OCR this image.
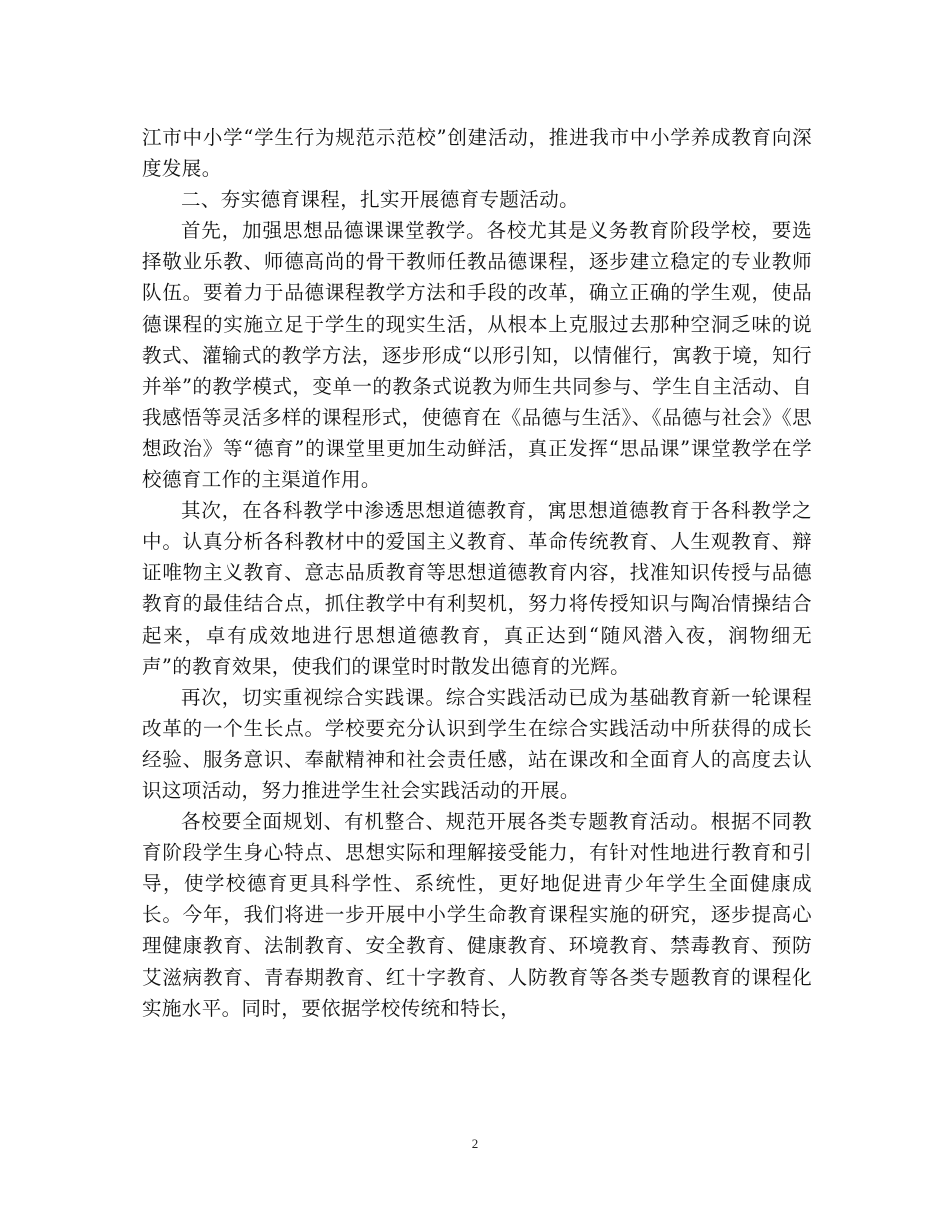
江市中小学“学生行为规范示范校”创建活动，推进我市中小学养成教育向深度发展。

二、夯实德育课程，扎实开展德育专题活动。

首先，加强思想品德课课堂教学。各校尤其是义务教育阶段学校，要选择敬业乐教、师德高尚的骨干教师任教品德课程，逐步建立稳定的专业教师队伍。要着力于品德课程教学方法和手段的改革，确立正确的学生观，使品德课程的实施立足于学生的现实生活，从根本上克服过去那种空洞乏味的说教式、灌输式的教学方法，逐步形成“以形引知，以情催行，寓教于境，知行并举”的教学模式，变单一的教条式说教为师生共同参与、学生自主活动、自我感悟等灵活多样的课程形式，使德育在《品德与生活》、《品德与社会》《思想政治》等“德育”的课堂里更加生动鲜活，真正发挥“思品课”课堂教学在学校德育工作的主渠道作用。

其次，在各科教学中渗透思想道德教育，寓思想道德教育于各科教学之中。认真分析各科教材中的爱国主义教育、革命传统教育、人生观教育、辩证唯物主义教育、意志品质教育等思想道德教育内容，找准知识传授与品德教育的最佳结合点，抓住教学中有利契机，努力将传授知识与陶冶情操结合起来，卓有成效地进行思想道德教育，真正达到“随风潜入夜，润物细无声”的教育效果，使我们的课堂时时散发出德育的光辉。

再次，切实重视综合实践课。综合实践活动已成为基础教育新一轮课程改革的一个生长点。学校要充分认识到学生在综合实践活动中所获得的成长经验、服务意识、奉献精神和社会责任感，站在课改和全面育人的高度去认识这项活动，努力推进学生社会实践活动的开展。

各校要全面规划、有机整合、规范开展各类专题教育活动。根据不同教育阶段学生身心特点、思想实际和理解接受能力，有针对性地进行教育和引导，使学校德育更具科学性、系统性，更好地促进青少年学生全面健康成长。今年，我们将进一步开展中小学生命教育课程实施的研究，逐步提高心理健康教育、法制教育、安全教育、健康教育、环境教育、禁毒教育、预防艾滋病教育、青春期教育、红十字教育、人防教育等各类专题教育的课程化实施水平。同时，要依据学校传统和特长，

2
